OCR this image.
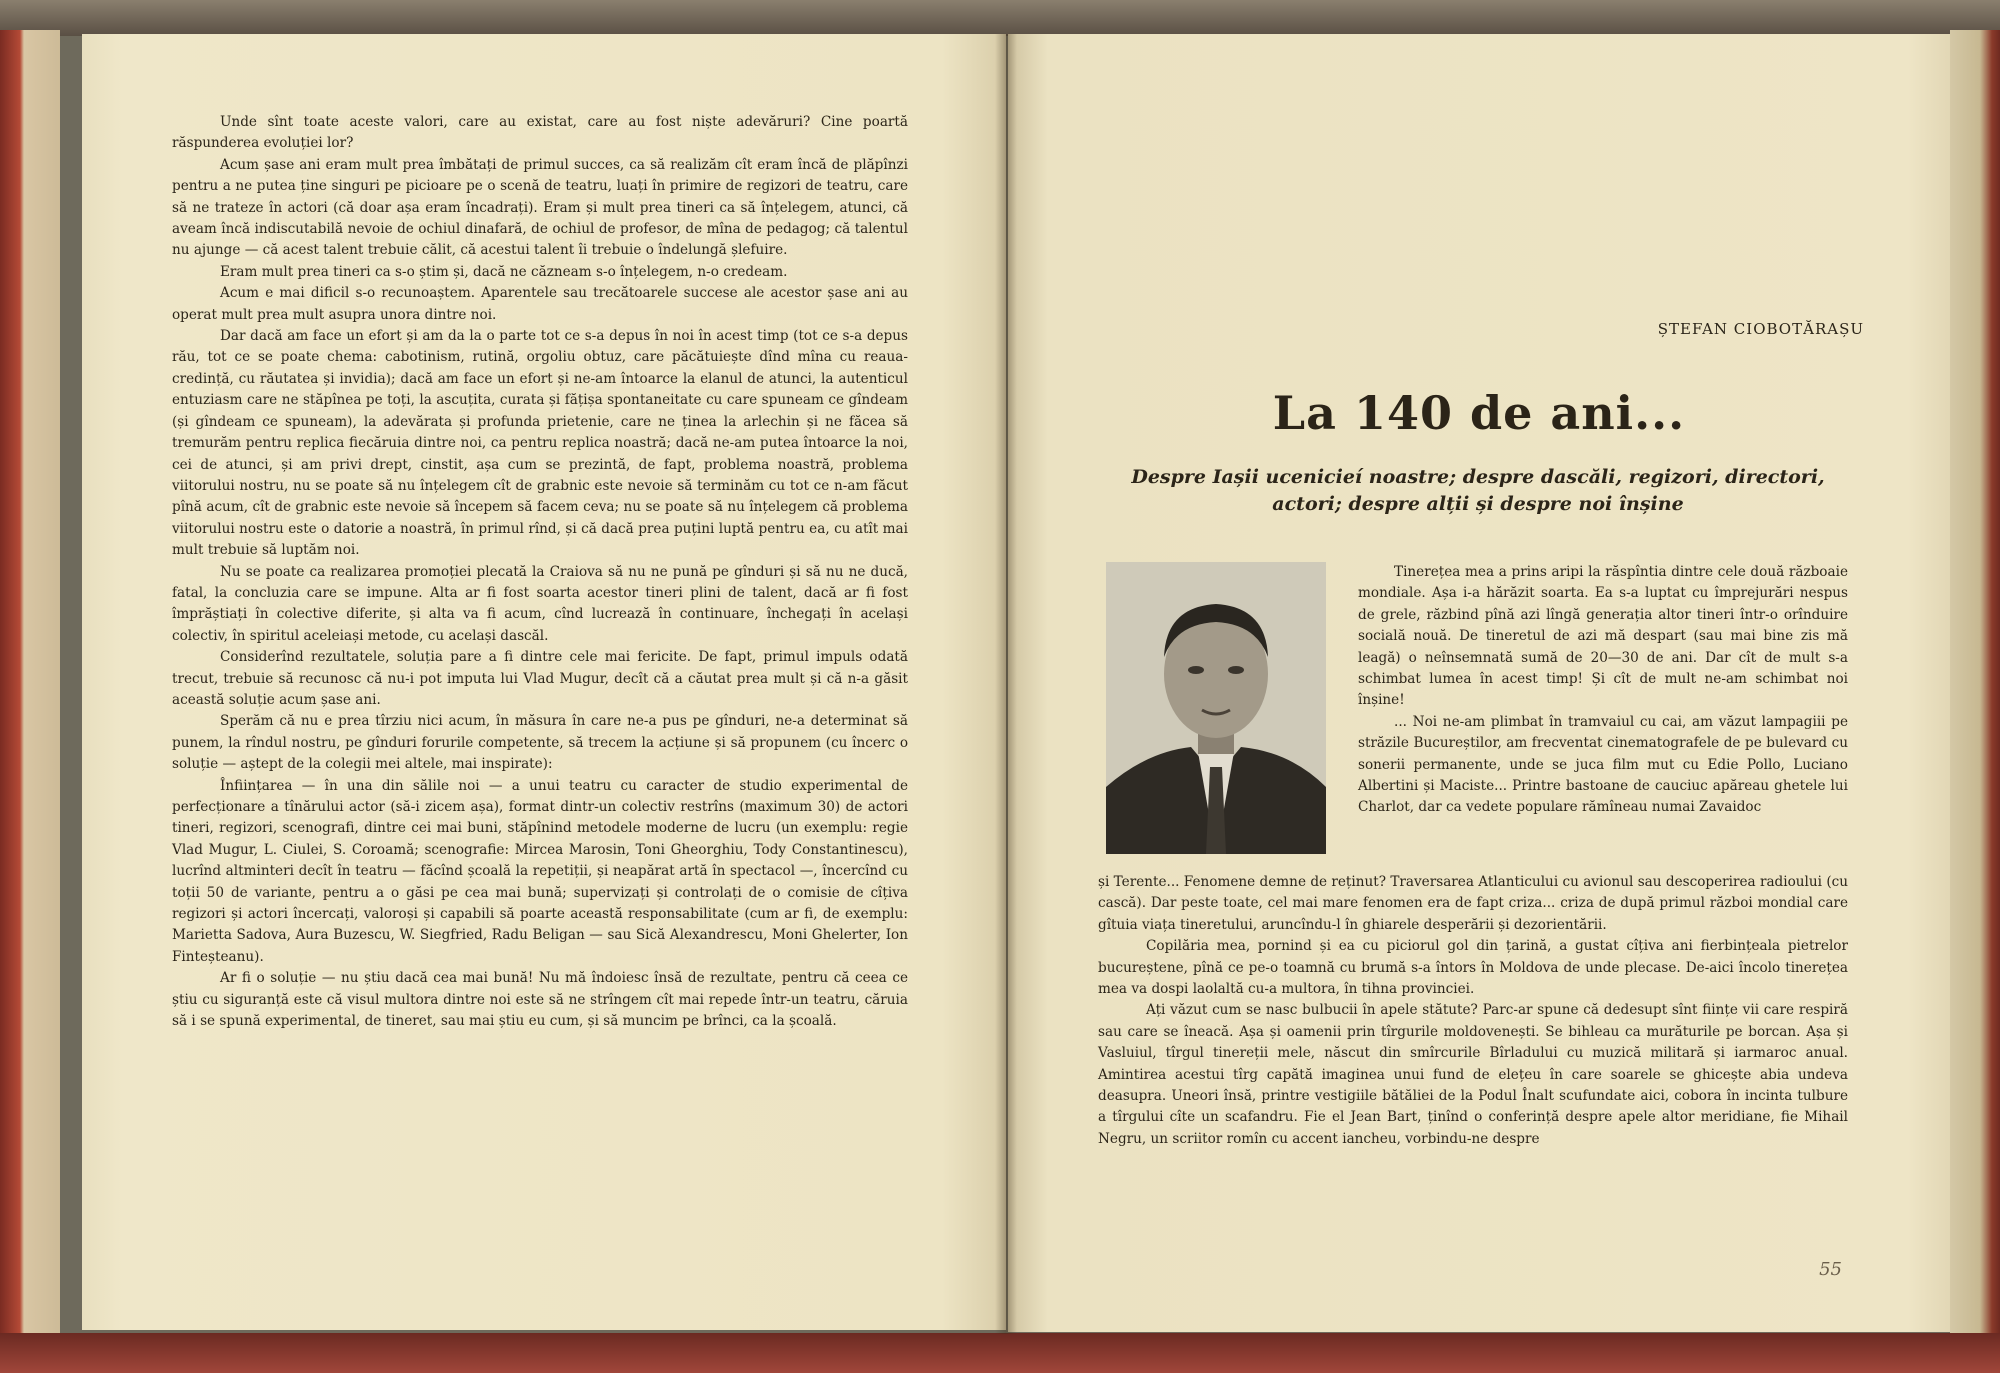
Unde sînt toate aceste valori, care au existat, care au fost niște adevăruri? Cine poartă răspunderea evoluției lor?

Acum șase ani eram mult prea îmbătați de primul succes, ca să realizăm cît eram încă de plăpînzi pentru a ne putea ține singuri pe picioare pe o scenă de teatru, luați în primire de regizori de teatru, care să ne trateze în actori (că doar așa eram încadrați). Eram și mult prea tineri ca să înțelegem, atunci, că aveam încă indiscutabilă nevoie de ochiul dinafară, de ochiul de profesor, de mîna de pedagog; că talentul nu ajunge — că acest talent trebuie călit, că acestui talent îi trebuie o îndelungă șlefuire.

Eram mult prea tineri ca s-o știm și, dacă ne căzneam s-o înțelegem, n-o credeam.

Acum e mai dificil s-o recunoaștem. Aparentele sau trecătoarele succese ale acestor șase ani au operat mult prea mult asupra unora dintre noi.

Dar dacă am face un efort și am da la o parte tot ce s-a depus în noi în acest timp (tot ce s-a depus rău, tot ce se poate chema: cabotinism, rutină, orgoliu obtuz, care păcătuiește dînd mîna cu reaua-credință, cu răutatea și invidia); dacă am face un efort și ne-am întoarce la elanul de atunci, la autenticul entuziasm care ne stăpînea pe toți, la ascuțita, curata și fățișa spontaneitate cu care spuneam ce gîndeam (și gîndeam ce spuneam), la adevărata și profunda prietenie, care ne ținea la arlechin și ne făcea să tremurăm pentru replica fiecăruia dintre noi, ca pentru replica noastră; dacă ne-am putea întoarce la noi, cei de atunci, și am privi drept, cinstit, așa cum se prezintă, de fapt, problema noastră, problema viitorului nostru, nu se poate să nu înțelegem cît de grabnic este nevoie să terminăm cu tot ce n-am făcut pînă acum, cît de grabnic este nevoie să începem să facem ceva; nu se poate să nu înțelegem că problema viitorului nostru este o datorie a noastră, în primul rînd, și că dacă prea puțini luptă pentru ea, cu atît mai mult trebuie să luptăm noi.

Nu se poate ca realizarea promoției plecată la Craiova să nu ne pună pe gînduri și să nu ne ducă, fatal, la concluzia care se impune. Alta ar fi fost soarta acestor tineri plini de talent, dacă ar fi fost împrăștiați în colective diferite, și alta va fi acum, cînd lucrează în continuare, închegați în același colectiv, în spiritul aceleiași metode, cu același dascăl.

Considerînd rezultatele, soluția pare a fi dintre cele mai fericite. De fapt, primul impuls odată trecut, trebuie să recunosc că nu-i pot imputa lui Vlad Mugur, decît că a căutat prea mult și că n-a găsit această soluție acum șase ani.

Sperăm că nu e prea tîrziu nici acum, în măsura în care ne-a pus pe gînduri, ne-a determinat să punem, la rîndul nostru, pe gînduri forurile competente, să trecem la acțiune și să propunem (cu încerc o soluție — aștept de la colegii mei altele, mai inspirate):

Înființarea — în una din sălile noi — a unui teatru cu caracter de studio experimental de perfecționare a tînărului actor (să-i zicem așa), format dintr-un colectiv restrîns (maximum 30) de actori tineri, regizori, scenografi, dintre cei mai buni, stăpînind metodele moderne de lucru (un exemplu: regie Vlad Mugur, L. Ciulei, S. Coroamă; scenografie: Mircea Marosin, Toni Gheorghiu, Tody Constantinescu), lucrînd altminteri decît în teatru — făcînd școală la repetiții, și neapărat artă în spectacol —, încercînd cu toții 50 de variante, pentru a o găsi pe cea mai bună; supervizați și controlați de o comisie de cîțiva regizori și actori încercați, valoroși și capabili să poarte această responsabilitate (cum ar fi, de exemplu: Marietta Sadova, Aura Buzescu, W. Siegfried, Radu Beligan — sau Sică Alexandrescu, Moni Ghelerter, Ion Finteșteanu).

Ar fi o soluție — nu știu dacă cea mai bună! Nu mă îndoiesc însă de rezultate, pentru că ceea ce știu cu siguranță este că visul multora dintre noi este să ne strîngem cît mai repede într-un teatru, căruia să i se spună experimental, de tineret, sau mai știu eu cum, și să muncim pe brînci, ca la școală.

ȘTEFAN CIOBOTĂRAȘU
La 140 de ani...
Despre Iașii ucenicieí noastre; despre dascăli, regizori, directori, actori; despre alții și despre noi înșine

Tinerețea mea a prins aripi la răspîntia dintre cele două războaie mondiale. Așa i-a hărăzit soarta. Ea s-a luptat cu împrejurări nespus de grele, răzbind pînă azi lîngă generația altor tineri într-o orînduire socială nouă. De tineretul de azi mă despart (sau mai bine zis mă leagă) o neînsemnată sumă de 20—30 de ani. Dar cît de mult s-a schimbat lumea în acest timp! Și cît de mult ne-am schimbat noi înșine!

... Noi ne-am plimbat în tramvaiul cu cai, am văzut lampagiii pe străzile Bucureștilor, am frecventat cinematografele de pe bulevard cu sonerii permanente, unde se juca film mut cu Edie Pollo, Luciano Albertini și Maciste... Printre bastoane de cauciuc apăreau ghetele lui Charlot, dar ca vedete populare rămîneau numai Zavaidoc

și Terente... Fenomene demne de reținut? Traversarea Atlanticului cu avionul sau descoperirea radioului (cu cască). Dar peste toate, cel mai mare fenomen era de fapt criza... criza de după primul război mondial care gîtuia viața tineretului, aruncîndu-l în ghiarele desperării și dezorientării.

Copilăria mea, pornind și ea cu piciorul gol din țarină, a gustat cîțiva ani fierbințeala pietrelor bucureștene, pînă ce pe-o toamnă cu brumă s-a întors în Moldova de unde plecase. De-aici încolo tinerețea mea va dospi laolaltă cu-a multora, în tihna provinciei.

Ați văzut cum se nasc bulbucii în apele stătute? Parc-ar spune că dedesupt sînt ființe vii care respiră sau care se îneacă. Așa și oamenii prin tîrgurile moldovenești. Se bihleau ca murăturile pe borcan. Așa și Vasluiul, tîrgul tinereții mele, născut din smîrcurile Bîrladului cu muzică militară și iarmaroc anual. Amintirea acestui tîrg capătă imaginea unui fund de elețeu în care soarele se ghicește abia undeva deasupra. Uneori însă, printre vestigiile bătăliei de la Podul Înalt scufundate aici, cobora în incinta tulbure a tîrgului cîte un scafandru. Fie el Jean Bart, ținînd o conferință despre apele altor meridiane, fie Mihail Negru, un scriitor romîn cu accent iancheu, vorbindu-ne despre

55
